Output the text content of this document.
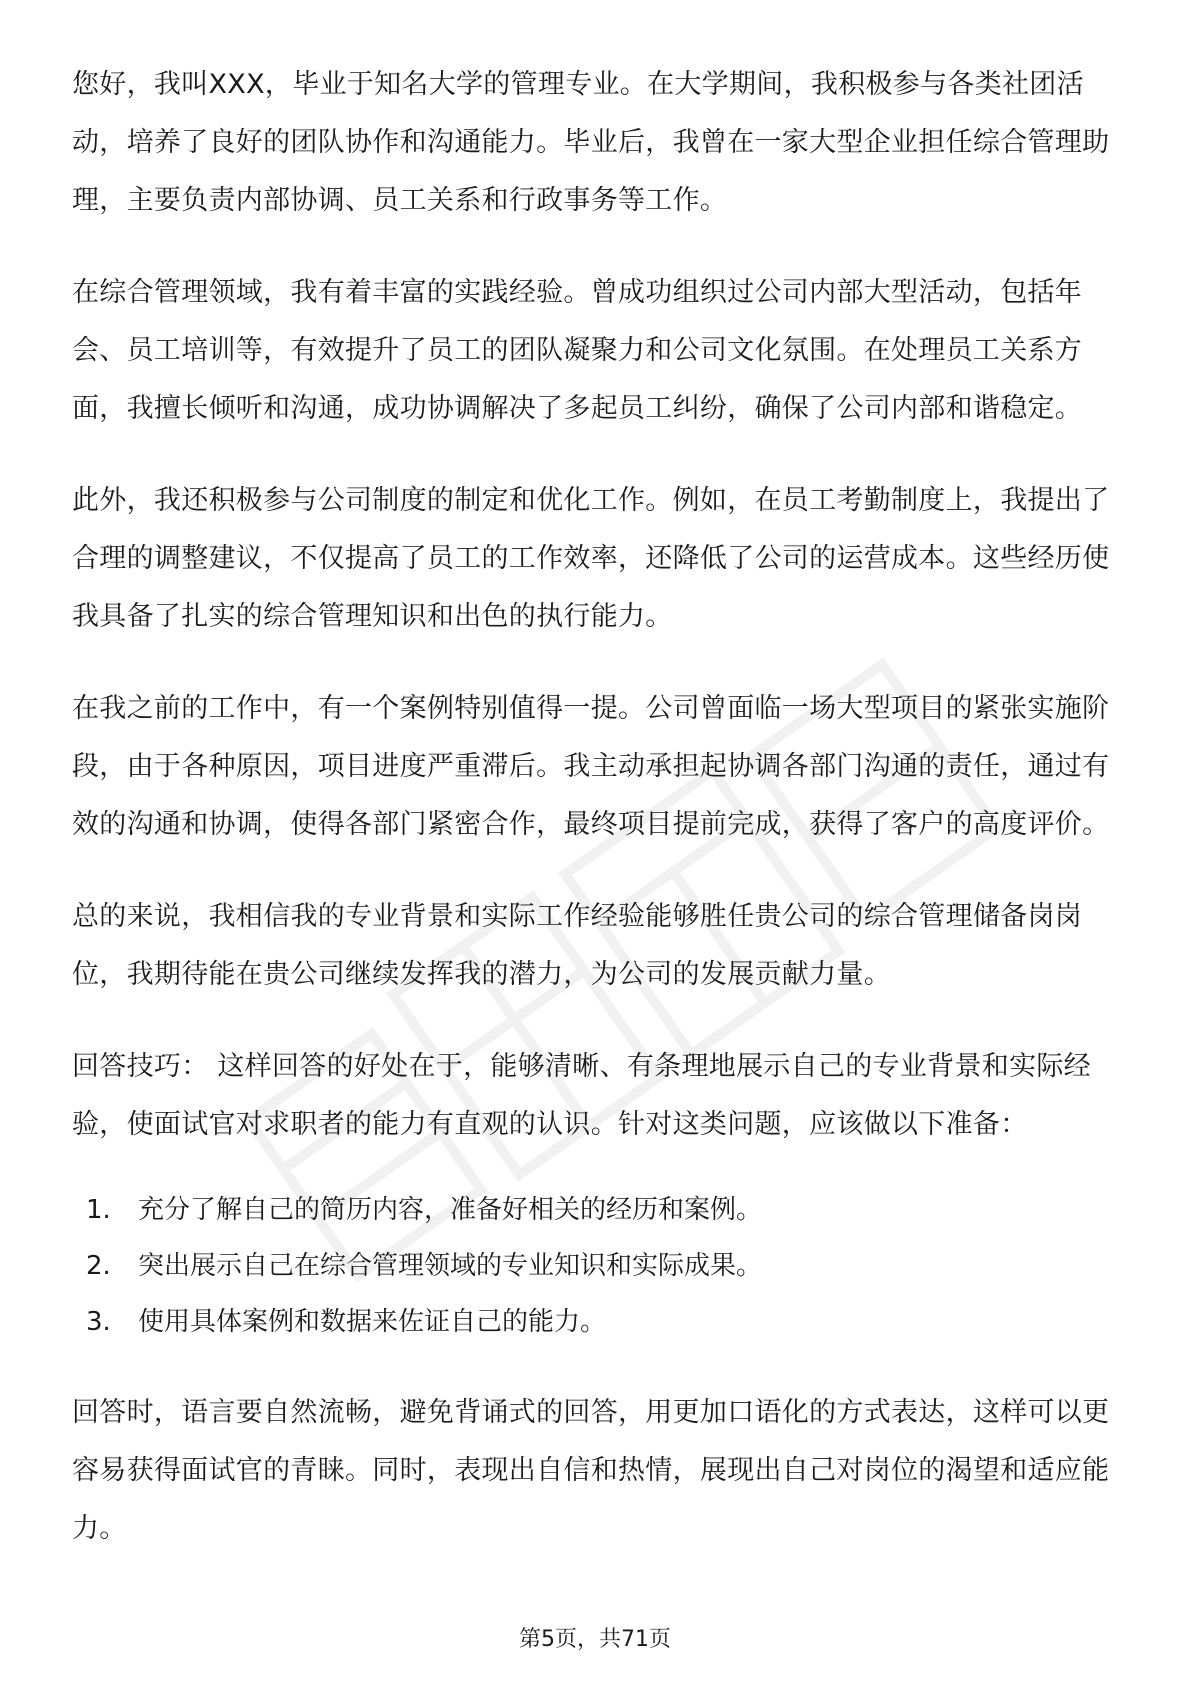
您好，我叫XXX，毕业于知名大学的管理专业。在大学期间，我积极参与各类社团活动，培养了良好的团队协作和沟通能力。毕业后，我曾在一家大型企业担任综合管理助理，主要负责内部协调、员工关系和行政事务等工作。

在综合管理领域，我有着丰富的实践经验。曾成功组织过公司内部大型活动，包括年会、员工培训等，有效提升了员工的团队凝聚力和公司文化氛围。在处理员工关系方面，我擅长倾听和沟通，成功协调解决了多起员工纠纷，确保了公司内部和谐稳定。

此外，我还积极参与公司制度的制定和优化工作。例如，在员工考勤制度上，我提出了合理的调整建议，不仅提高了员工的工作效率，还降低了公司的运营成本。这些经历使我具备了扎实的综合管理知识和出色的执行能力。

在我之前的工作中，有一个案例特别值得一提。公司曾面临一场大型项目的紧张实施阶段，由于各种原因，项目进度严重滞后。我主动承担起协调各部门沟通的责任，通过有效的沟通和协调，使得各部门紧密合作，最终项目提前完成，获得了客户的高度评价。

总的来说，我相信我的专业背景和实际工作经验能够胜任贵公司的综合管理储备岗岗位，我期待能在贵公司继续发挥我的潜力，为公司的发展贡献力量。

回答技巧： 这样回答的好处在于，能够清晰、有条理地展示自己的专业背景和实际经验，使面试官对求职者的能力有直观的认识。针对这类问题，应该做以下准备：

1.	充分了解自己的简历内容，准备好相关的经历和案例。
2.	突出展示自己在综合管理领域的专业知识和实际成果。
3.	使用具体案例和数据来佐证自己的能力。

回答时，语言要自然流畅，避免背诵式的回答，用更加口语化的方式表达，这样可以更容易获得面试官的青睐。同时，表现出自信和热情，展现出自己对岗位的渴望和适应能力。

第5页，共71页
